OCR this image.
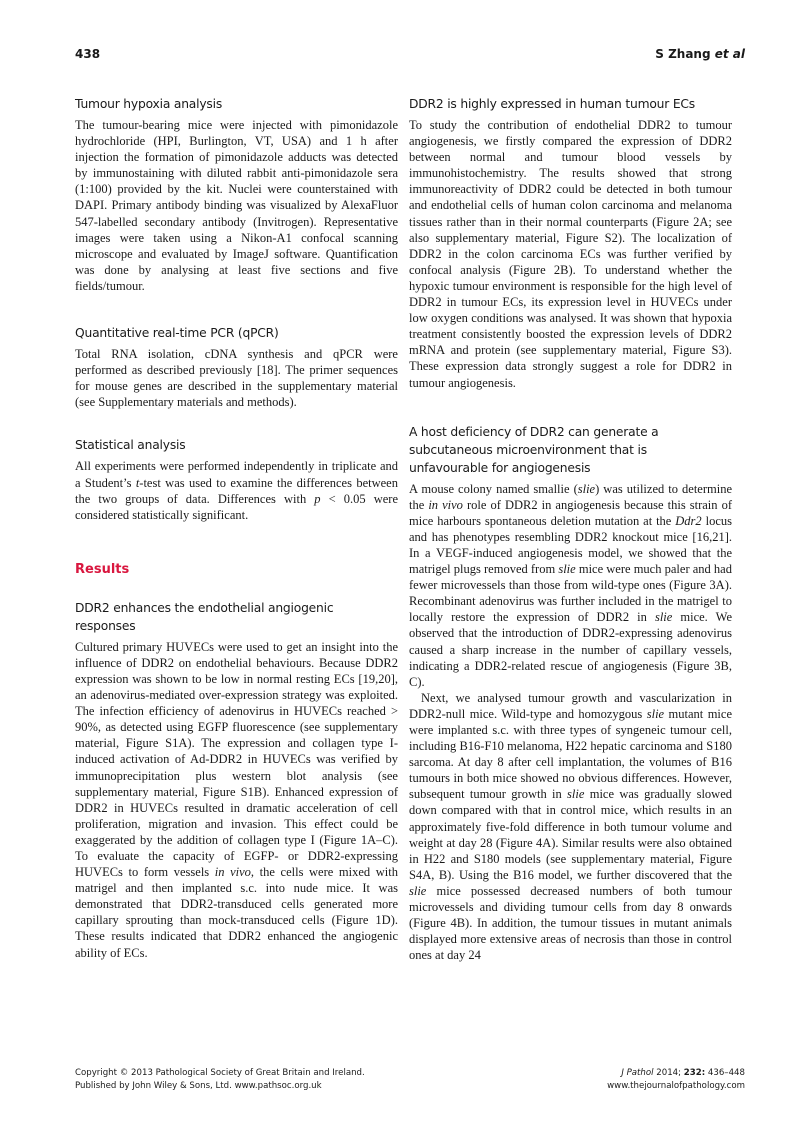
438	S Zhang et al
Tumour hypoxia analysis

The tumour-bearing mice were injected with pimonidazole hydrochloride (HPI, Burlington, VT, USA) and 1 h after injection the formation of pimonidazole adducts was detected by immunostaining with diluted rabbit anti-pimonidazole sera (1:100) provided by the kit. Nuclei were counterstained with DAPI. Primary antibody binding was visualized by AlexaFluor 547-labelled secondary antibody (Invitrogen). Representative images were taken using a Nikon-A1 confocal scanning microscope and evaluated by ImageJ software. Quantification was done by analysing at least five sections and five fields/tumour.

Quantitative real-time PCR (qPCR)

Total RNA isolation, cDNA synthesis and qPCR were performed as described previously [18]. The primer sequences for mouse genes are described in the supplementary material (see Supplementary materials and methods).

Statistical analysis

All experiments were performed independently in triplicate and a Student’s t-test was used to examine the differences between the two groups of data. Differences with p < 0.05 were considered statistically significant.

Results
DDR2 enhances the endothelial angiogenic responses

Cultured primary HUVECs were used to get an insight into the influence of DDR2 on endothelial behaviours. Because DDR2 expression was shown to be low in normal resting ECs [19,20], an adenovirus-mediated over-expression strategy was exploited. The infection efficiency of adenovirus in HUVECs reached > 90%, as detected using EGFP fluorescence (see supplementary material, Figure S1A). The expression and collagen type I-induced activation of Ad-DDR2 in HUVECs was verified by immunoprecipitation plus western blot analysis (see supplementary material, Figure S1B). Enhanced expression of DDR2 in HUVECs resulted in dramatic acceleration of cell proliferation, migration and invasion. This effect could be exaggerated by the addition of collagen type I (Figure 1A–C). To evaluate the capacity of EGFP- or DDR2-expressing HUVECs to form vessels in vivo, the cells were mixed with matrigel and then implanted s.c. into nude mice. It was demonstrated that DDR2-transduced cells generated more capillary sprouting than mock-transduced cells (Figure 1D). These results indicated that DDR2 enhanced the angiogenic ability of ECs.

DDR2 is highly expressed in human tumour ECs

To study the contribution of endothelial DDR2 to tumour angiogenesis, we firstly compared the expression of DDR2 between normal and tumour blood vessels by immunohistochemistry. The results showed that strong immunoreactivity of DDR2 could be detected in both tumour and endothelial cells of human colon carcinoma and melanoma tissues rather than in their normal counterparts (Figure 2A; see also supplementary material, Figure S2). The localization of DDR2 in the colon carcinoma ECs was further verified by confocal analysis (Figure 2B). To understand whether the hypoxic tumour environment is responsible for the high level of DDR2 in tumour ECs, its expression level in HUVECs under low oxygen conditions was analysed. It was shown that hypoxia treatment consistently boosted the expression levels of DDR2 mRNA and protein (see supplementary material, Figure S3). These expression data strongly suggest a role for DDR2 in tumour angiogenesis.

A host deficiency of DDR2 can generate a subcutaneous microenvironment that is unfavourable for angiogenesis

A mouse colony named smallie (slie) was utilized to determine the in vivo role of DDR2 in angiogenesis because this strain of mice harbours spontaneous deletion mutation at the Ddr2 locus and has phenotypes resembling DDR2 knockout mice [16,21]. In a VEGF-induced angiogenesis model, we showed that the matrigel plugs removed from slie mice were much paler and had fewer microvessels than those from wild-type ones (Figure 3A). Recombinant adenovirus was further included in the matrigel to locally restore the expression of DDR2 in slie mice. We observed that the introduction of DDR2-expressing adenovirus caused a sharp increase in the number of capillary vessels, indicating a DDR2-related rescue of angiogenesis (Figure 3B, C).

Next, we analysed tumour growth and vascularization in DDR2-null mice. Wild-type and homozygous slie mutant mice were implanted s.c. with three types of syngeneic tumour cell, including B16-F10 melanoma, H22 hepatic carcinoma and S180 sarcoma. At day 8 after cell implantation, the volumes of B16 tumours in both mice showed no obvious differences. However, subsequent tumour growth in slie mice was gradually slowed down compared with that in control mice, which results in an approximately five-fold difference in both tumour volume and weight at day 28 (Figure 4A). Similar results were also obtained in H22 and S180 models (see supplementary material, Figure S4A, B). Using the B16 model, we further discovered that the slie mice possessed decreased numbers of both tumour microvessels and dividing tumour cells from day 8 onwards (Figure 4B). In addition, the tumour tissues in mutant animals displayed more extensive areas of necrosis than those in control ones at day 24

Copyright © 2013 Pathological Society of Great Britain and Ireland.
Published by John Wiley & Sons, Ltd. www.pathsoc.org.uk
J Pathol 2014; 232: 436–448
www.thejournalofpathology.com
